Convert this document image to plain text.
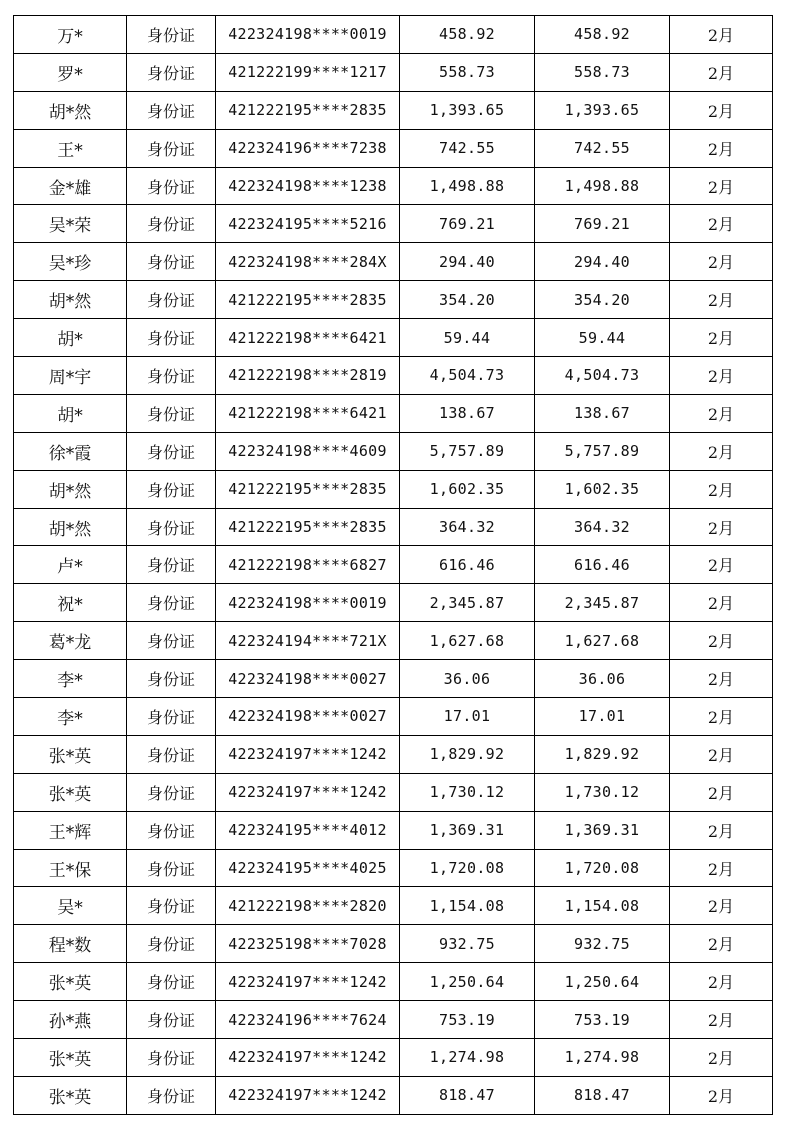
万*	身份证	422324198****0019	458.92	458.92	2月
罗*	身份证	421222199****1217	558.73	558.73	2月
胡*然	身份证	421222195****2835	1,393.65	1,393.65	2月
王*	身份证	422324196****7238	742.55	742.55	2月
金*雄	身份证	422324198****1238	1,498.88	1,498.88	2月
吴*荣	身份证	422324195****5216	769.21	769.21	2月
吴*珍	身份证	422324198****284X	294.40	294.40	2月
胡*然	身份证	421222195****2835	354.20	354.20	2月
胡*	身份证	421222198****6421	59.44	59.44	2月
周*宇	身份证	421222198****2819	4,504.73	4,504.73	2月
胡*	身份证	421222198****6421	138.67	138.67	2月
徐*霞	身份证	422324198****4609	5,757.89	5,757.89	2月
胡*然	身份证	421222195****2835	1,602.35	1,602.35	2月
胡*然	身份证	421222195****2835	364.32	364.32	2月
卢*	身份证	421222198****6827	616.46	616.46	2月
祝*	身份证	422324198****0019	2,345.87	2,345.87	2月
葛*龙	身份证	422324194****721X	1,627.68	1,627.68	2月
李*	身份证	422324198****0027	36.06	36.06	2月
李*	身份证	422324198****0027	17.01	17.01	2月
张*英	身份证	422324197****1242	1,829.92	1,829.92	2月
张*英	身份证	422324197****1242	1,730.12	1,730.12	2月
王*辉	身份证	422324195****4012	1,369.31	1,369.31	2月
王*保	身份证	422324195****4025	1,720.08	1,720.08	2月
吴*	身份证	421222198****2820	1,154.08	1,154.08	2月
程*数	身份证	422325198****7028	932.75	932.75	2月
张*英	身份证	422324197****1242	1,250.64	1,250.64	2月
孙*燕	身份证	422324196****7624	753.19	753.19	2月
张*英	身份证	422324197****1242	1,274.98	1,274.98	2月
张*英	身份证	422324197****1242	818.47	818.47	2月
